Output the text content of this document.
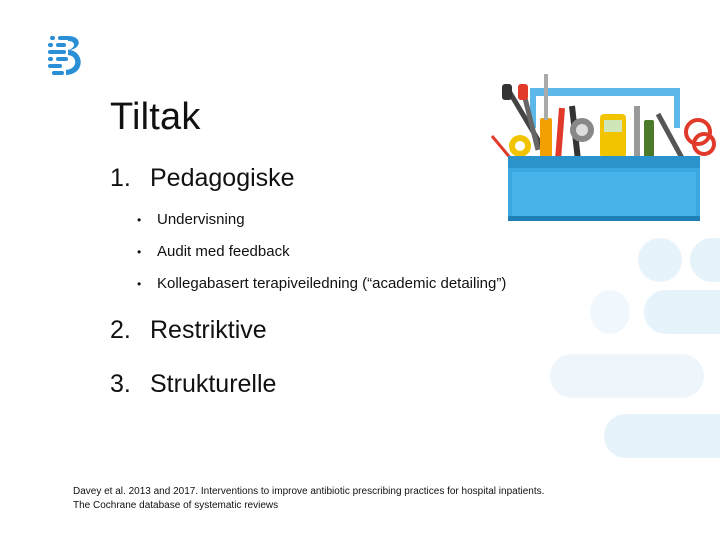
Tiltak
1. Pedagogiske
• Undervisning
• Audit med feedback
• Kollegabasert terapiveiledning (“academic detailing”)
2. Restriktive
3. Strukturelle
Davey et al. 2013 and 2017. Interventions to improve antibiotic prescribing practices for hospital inpatients.
The Cochrane database of systematic reviews
